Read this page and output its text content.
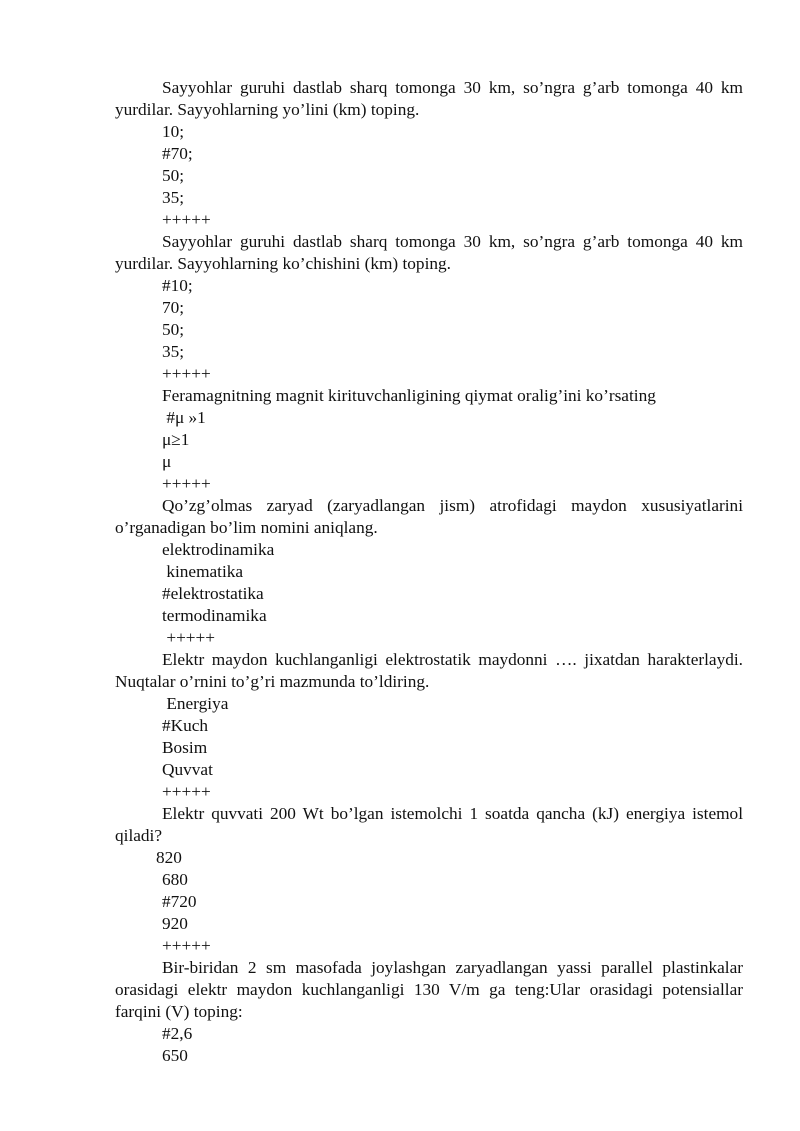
Sayyohlar guruhi dastlab sharq tomonga 30 km, so’ngra g’arb tomonga 40 km yurdilar. Sayyohlarning yo’lini (km) toping.

10;

#70;

50;

35;

+++++

Sayyohlar guruhi dastlab sharq tomonga 30 km, so’ngra g’arb tomonga 40 km yurdilar. Sayyohlarning ko’chishini (km) toping.

#10;

70;

50;

35;

+++++

Feramagnitning magnit kirituvchanligining qiymat oralig’ini ko’rsating

#μ »1

μ≥1

μ

+++++

Qo’zg’olmas zaryad (zaryadlangan jism) atrofidagi maydon xususiyatlarini o’rganadigan bo’lim nomini aniqlang.

elektrodinamika

kinematika

#elektrostatika

termodinamika

+++++

Elektr maydon kuchlanganligi elektrostatik maydonni …. jixatdan harakterlaydi. Nuqtalar o’rnini to’g’ri mazmunda to’ldiring.

Energiya

#Kuch

Bosim

Quvvat

+++++

Elektr quvvati 200 Wt bo’lgan istemolchi 1 soatda qancha (kJ) energiya istemol qiladi?

820

680

#720

920

+++++

Bir-biridan 2 sm masofada joylashgan zaryadlangan yassi parallel plastinkalar orasidagi elektr maydon kuchlanganligi 130 V/m ga teng:Ular orasidagi potensiallar farqini (V) toping:

#2,6

650
